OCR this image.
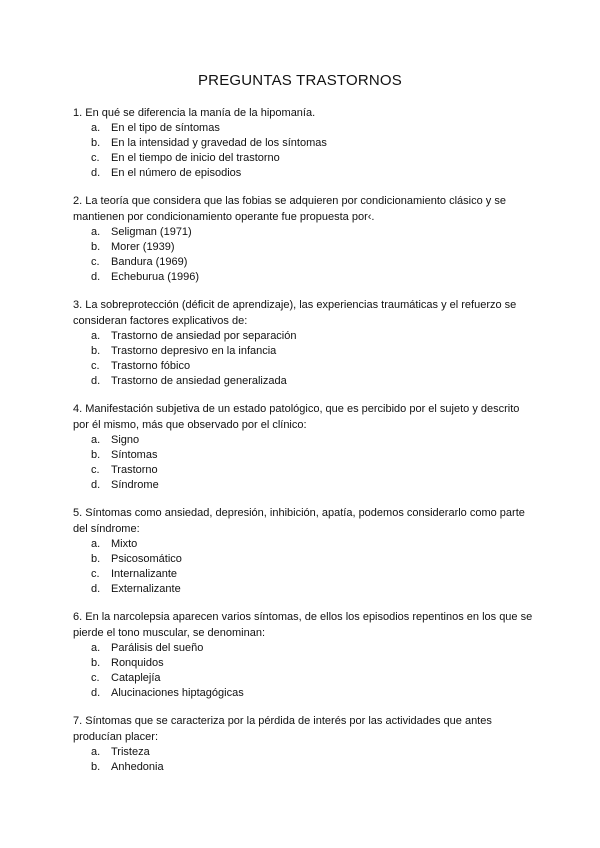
PREGUNTAS TRASTORNOS

1. En qué se diferencia la manía de la hipomanía.

a. En el tipo de síntomas
b. En la intensidad y gravedad de los síntomas
c.	En el tiempo de inicio del trastorno
d. En el número de episodios

2. La teoría que considera que las fobias se adquieren por condicionamiento clásico y se mantienen por condicionamiento operante fue propuesta por‹.

a. Seligman (1971)
b. Morer (1939)
c.	Bandura (1969)
d. Echeburua (1996)

3. La sobreprotección (déficit de aprendizaje), las experiencias traumáticas y el refuerzo se consideran factores explicativos de:

a. Trastorno de ansiedad por separación
b. Trastorno depresivo en la infancia
c.	Trastorno fóbico
d. Trastorno de ansiedad generalizada

4. Manifestación subjetiva de un estado patológico, que es percibido por el sujeto y descrito por él mismo, más que observado por el clínico:

a. Signo
b. Síntomas
c.	Trastorno
d. Síndrome

5. Síntomas como ansiedad, depresión, inhibición, apatía, podemos considerarlo como parte del síndrome:

a. Mixto
b. Psicosomático
c.	Internalizante
d. Externalizante

6. En la narcolepsia aparecen varios síntomas, de ellos los episodios repentinos en los que se pierde el tono muscular, se denominan:

a. Parálisis del sueño
b. Ronquidos
c.	Cataplejía
d. Alucinaciones hiptagógicas

7. Síntomas que se caracteriza por la pérdida de interés por las actividades que antes producían placer:

a. Tristeza
b. Anhedonia
